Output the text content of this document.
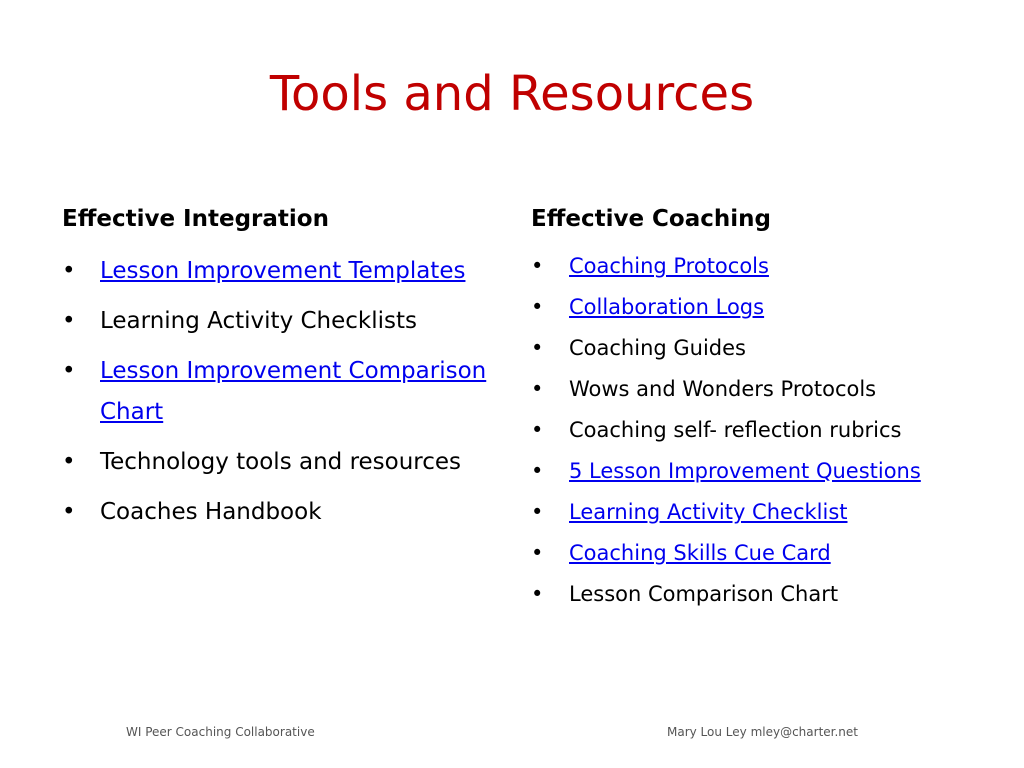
Tools and Resources
Effective Integration
• Lesson Improvement Templates
• Learning Activity Checklists
• Lesson Improvement Comparison Chart
• Technology tools and resources
• Coaches Handbook
Effective Coaching
• Coaching Protocols
• Collaboration Logs
• Coaching Guides
• Wows and Wonders Protocols
• Coaching self- reflection rubrics
• 5 Lesson Improvement Questions
• Learning Activity Checklist
• Coaching Skills Cue Card
• Lesson Comparison Chart
WI Peer Coaching Collaborative	Mary Lou Ley mley@charter.net
